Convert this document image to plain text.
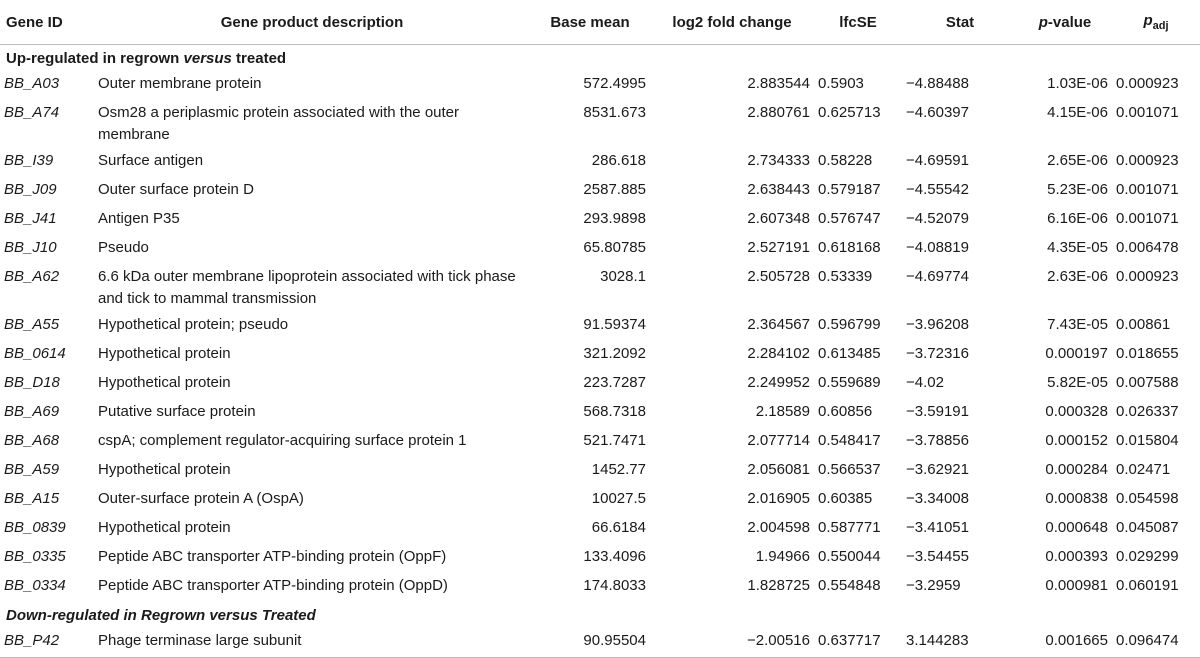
Gene ID	Gene product description	Base mean	log2 fold change	lfcSE	Stat	p-value	$p_{adj}$
Up-regulated in regrown versus treated							
BB_A03	Outer membrane protein	572.4995	2.883544	0.5903	−4.88488	1.03E-06	0.000923
BB_A74	Osm28 a periplasmic protein associated with the outer membrane	8531.673	2.880761	0.625713	−4.60397	4.15E-06	0.001071
BB_I39	Surface antigen	286.618	2.734333	0.58228	−4.69591	2.65E-06	0.000923
BB_J09	Outer surface protein D	2587.885	2.638443	0.579187	−4.55542	5.23E-06	0.001071
BB_J41	Antigen P35	293.9898	2.607348	0.576747	−4.52079	6.16E-06	0.001071
BB_J10	Pseudo	65.80785	2.527191	0.618168	−4.08819	4.35E-05	0.006478
BB_A62	6.6 kDa outer membrane lipoprotein associated with tick phase and tick to mammal transmission	3028.1	2.505728	0.53339	−4.69774	2.63E-06	0.000923
BB_A55	Hypothetical protein; pseudo	91.59374	2.364567	0.596799	−3.96208	7.43E-05	0.00861
BB_0614	Hypothetical protein	321.2092	2.284102	0.613485	−3.72316	0.000197	0.018655
BB_D18	Hypothetical protein	223.7287	2.249952	0.559689	−4.02	5.82E-05	0.007588
BB_A69	Putative surface protein	568.7318	2.18589	0.60856	−3.59191	0.000328	0.026337
BB_A68	cspA; complement regulator-acquiring surface protein 1	521.7471	2.077714	0.548417	−3.78856	0.000152	0.015804
BB_A59	Hypothetical protein	1452.77	2.056081	0.566537	−3.62921	0.000284	0.02471
BB_A15	Outer-surface protein A (OspA)	10027.5	2.016905	0.60385	−3.34008	0.000838	0.054598
BB_0839	Hypothetical protein	66.6184	2.004598	0.587771	−3.41051	0.000648	0.045087
BB_0335	Peptide ABC transporter ATP-binding protein (OppF)	133.4096	1.94966	0.550044	−3.54455	0.000393	0.029299
BB_0334	Peptide ABC transporter ATP-binding protein (OppD)	174.8033	1.828725	0.554848	−3.2959	0.000981	0.060191
Down-regulated in Regrown versus Treated							
BB_P42	Phage terminase large subunit	90.95504	−2.00516	0.637717	3.144283	0.001665	0.096474
